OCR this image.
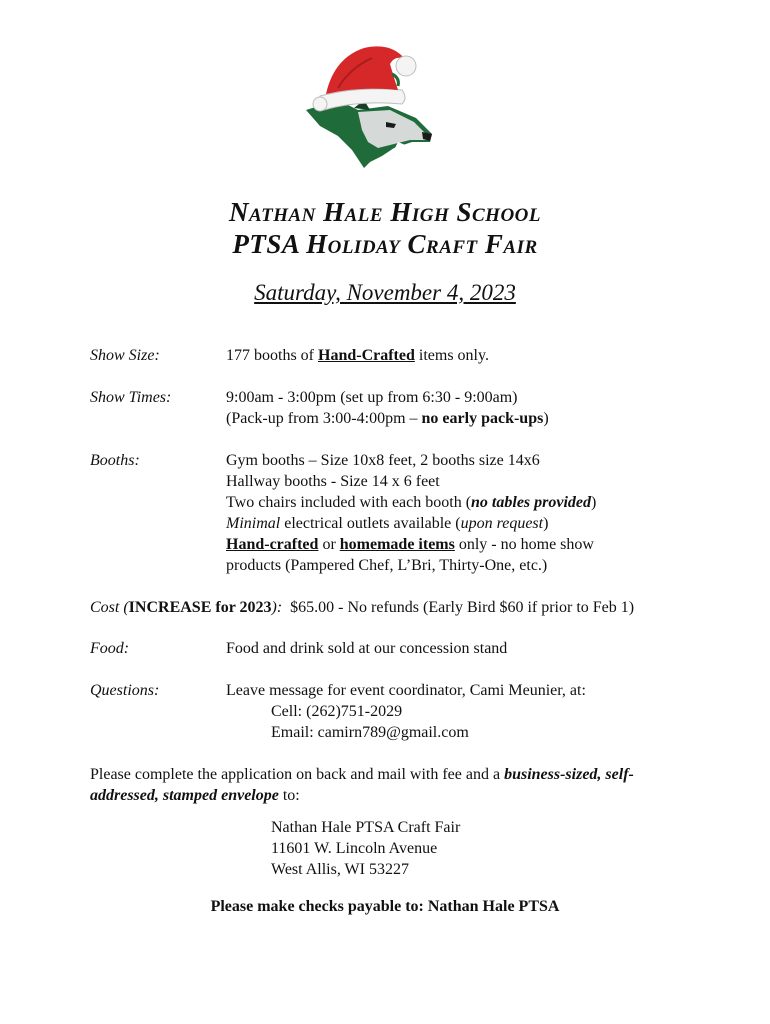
Nathan Hale High School
PTSA Holiday Craft Fair
Saturday, November 4, 2023
Show Size:	177 booths of Hand-Crafted items only.
Show Times:	9:00am - 3:00pm (set up from 6:30 - 9:00am)
(Pack-up from 3:00-4:00pm – no early pack-ups)
Booths:	Gym booths – Size 10x8 feet, 2 booths size 14x6
Hallway booths - Size 14 x 6 feet
Two chairs included with each booth (no tables provided)
Minimal electrical outlets available (upon request)
Hand-crafted or homemade items only - no home show
products (Pampered Chef, L’Bri, Thirty-One, etc.)
Cost (INCREASE for 2023): $65.00 - No refunds (Early Bird $60 if prior to Feb 1)
Food:	Food and drink sold at our concession stand
Questions:	Leave message for event coordinator, Cami Meunier, at:
Cell: (262)751-2029
Email: camirn789@gmail.com
Please complete the application on back and mail with fee and a business-sized, self-addressed, stamped envelope to:
Nathan Hale PTSA Craft Fair
11601 W. Lincoln Avenue
West Allis, WI 53227
Please make checks payable to: Nathan Hale PTSA
